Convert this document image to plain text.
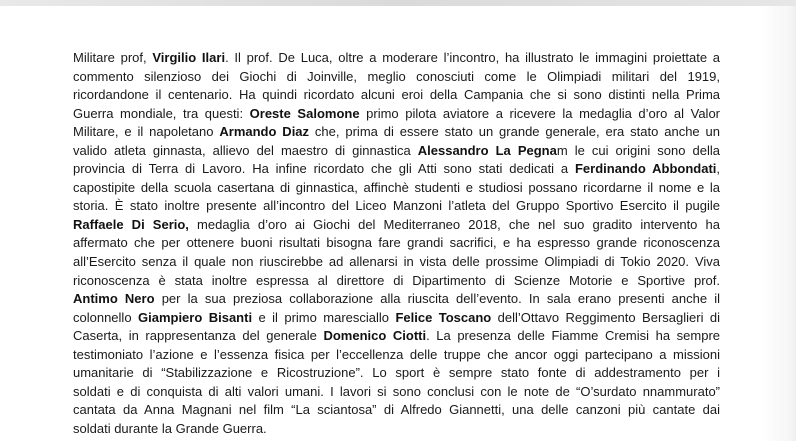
Militare prof, Virgilio Ilari. Il prof. De Luca, oltre a moderare l’incontro, ha illustrato le immagini proiettate a
commento silenzioso dei Giochi di Joinville, meglio conosciuti come le Olimpiadi militari del 1919,
ricordandone il centenario. Ha quindi ricordato alcuni eroi della Campania che si sono distinti nella Prima
Guerra mondiale, tra questi: Oreste Salomone primo pilota aviatore a ricevere la medaglia d’oro al Valor
Militare, e il napoletano Armando Diaz che, prima di essere stato un grande generale, era stato anche un
valido atleta ginnasta, allievo del maestro di ginnastica Alessandro La Pegnam le cui origini sono della
provincia di Terra di Lavoro. Ha infine ricordato che gli Atti sono stati dedicati a Ferdinando Abbondati,
capostipite della scuola casertana di ginnastica, affinchè studenti e studiosi possano ricordarne il nome e la
storia. È stato inoltre presente all’incontro del Liceo Manzoni l’atleta del Gruppo Sportivo Esercito il pugile
Raffaele Di Serio, medaglia d’oro ai Giochi del Mediterraneo 2018, che nel suo gradito intervento ha
affermato che per ottenere buoni risultati bisogna fare grandi sacrifici, e ha espresso grande riconoscenza
all’Esercito senza il quale non riuscirebbe ad allenarsi in vista delle prossime Olimpiadi di Tokio 2020. Viva
riconoscenza è stata inoltre espressa al direttore di Dipartimento di Scienze Motorie e Sportive prof.
Antimo Nero per la sua preziosa collaborazione alla riuscita dell’evento. In sala erano presenti anche il
colonnello Giampiero Bisanti e il primo maresciallo Felice Toscano dell’Ottavo Reggimento Bersaglieri di
Caserta, in rappresentanza del generale Domenico Ciotti. La presenza delle Fiamme Cremisi ha sempre
testimoniato l’azione e l’essenza fisica per l’eccellenza delle truppe che ancor oggi partecipano a missioni
umanitarie di “Stabilizzazione e Ricostruzione”. Lo sport è sempre stato fonte di addestramento per i
soldati e di conquista di alti valori umani. I lavori si sono conclusi con le note de “O’surdato nnammurato”
cantata da Anna Magnani nel film “La sciantosa” di Alfredo Giannetti, una delle canzoni più cantate dai
soldati durante la Grande Guerra.
